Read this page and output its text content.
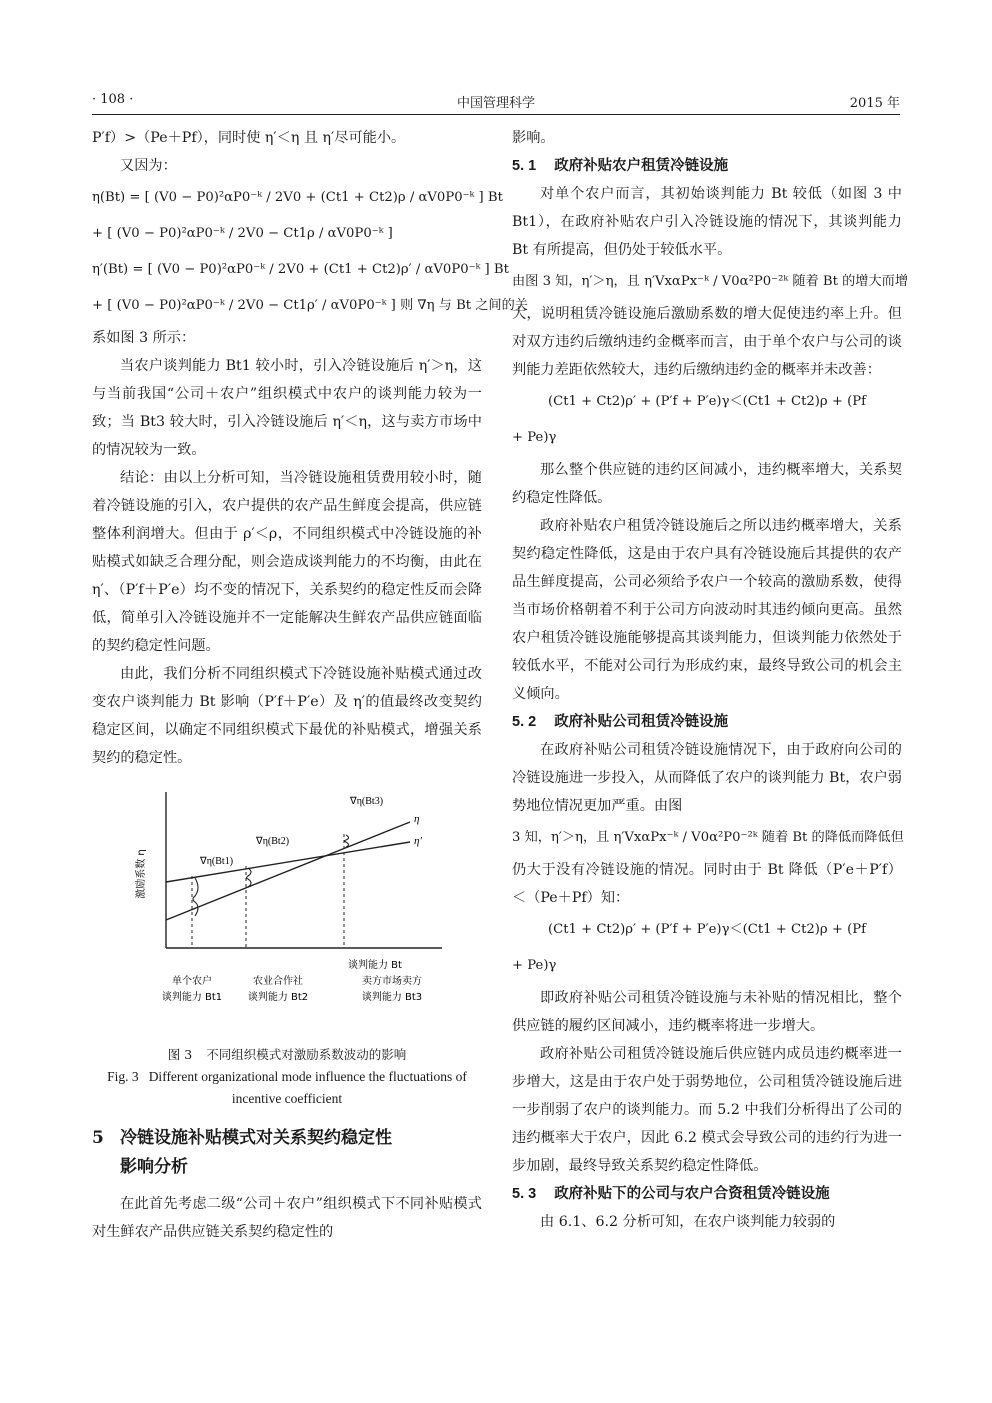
· 108 ·	中国管理科学	2015 年

P′f）>（Pe＋Pf），同时使 η′＜η 且 η′尽可能小。

又因为：

η(Bt) = [ (V0 − P0)²αP0⁻ᵏ / 2V0 + (Ct1 + Ct2)ρ / αV0P0⁻ᵏ ] Bt
+ [ (V0 − P0)²αP0⁻ᵏ / 2V0 − Ct1ρ / αV0P0⁻ᵏ ]
η′(Bt) = [ (V0 − P0)²αP0⁻ᵏ / 2V0 + (Ct1 + Ct2)ρ′ / αV0P0⁻ᵏ ] Bt
+ [ (V0 − P0)²αP0⁻ᵏ / 2V0 − Ct1ρ′ / αV0P0⁻ᵏ ] 则 ∇η 与 Bt 之间的关

系如图 3 所示：

当农户谈判能力 Bt1 较小时，引入冷链设施后 η′＞η，这与当前我国“公司＋农户”组织模式中农户的谈判能力较为一致；当 Bt3 较大时，引入冷链设施后 η′＜η，这与卖方市场中的情况较为一致。

结论：由以上分析可知，当冷链设施租赁费用较小时，随着冷链设施的引入，农户提供的农产品生鲜度会提高，供应链整体利润增大。但由于 ρ′＜ρ，不同组织模式中冷链设施的补贴模式如缺乏合理分配，则会造成谈判能力的不均衡，由此在 η′、（P′f＋P′e）均不变的情况下，关系契约的稳定性反而会降低，简单引入冷链设施并不一定能解决生鲜农产品供应链面临的契约稳定性问题。

由此，我们分析不同组织模式下冷链设施补贴模式通过改变农户谈判能力 Bt 影响（P′f＋P′e）及 η′的值最终改变契约稳定区间，以确定不同组织模式下最优的补贴模式，增强关系契约的稳定性。

激励系数 η
η
η′
∇η(Bt1)
∇η(Bt2)
∇η(Bt3)
谈判能力 Bt
单个农户
谈判能力 Bt1
农业合作社
谈判能力 Bt2
卖方市场卖方
谈判能力 Bt3

图 3 不同组织模式对激励系数波动的影响

Fig. 3 Different organizational mode influence the fluctuations of incentive coefficient

5 冷链设施补贴模式对关系契约稳定性
影响分析

在此首先考虑二级“公司＋农户”组织模式下不同补贴模式对生鲜农产品供应链关系契约稳定性的

影响。

5. 1 政府补贴农户租赁冷链设施

对单个农户而言，其初始谈判能力 Bt 较低（如图 3 中 Bt1），在政府补贴农户引入冷链设施的情况下，其谈判能力 Bt 有所提高，但仍处于较低水平。

由图 3 知，η′＞η，且 η′VxαPx⁻ᵏ / V0α²P0⁻²ᵏ 随着 Bt 的增大而增

大，说明租赁冷链设施后激励系数的增大促使违约率上升。但对双方违约后缴纳违约金概率而言，由于单个农户与公司的谈判能力差距依然较大，违约后缴纳违约金的概率并未改善：

(Ct1 + Ct2)ρ′ + (P′f + P′e)γ＜(Ct1 + Ct2)ρ + (Pf
+ Pe)γ

那么整个供应链的违约区间减小，违约概率增大，关系契约稳定性降低。

政府补贴农户租赁冷链设施后之所以违约概率增大，关系契约稳定性降低，这是由于农户具有冷链设施后其提供的农产品生鲜度提高，公司必须给予农户一个较高的激励系数，使得当市场价格朝着不利于公司方向波动时其违约倾向更高。虽然农户租赁冷链设施能够提高其谈判能力，但谈判能力依然处于较低水平，不能对公司行为形成约束，最终导致公司的机会主义倾向。

5. 2 政府补贴公司租赁冷链设施

在政府补贴公司租赁冷链设施情况下，由于政府向公司的冷链设施进一步投入，从而降低了农户的谈判能力 Bt，农户弱势地位情况更加严重。由图

3 知，η′＞η，且 η′VxαPx⁻ᵏ / V0α²P0⁻²ᵏ 随着 Bt 的降低而降低但

仍大于没有冷链设施的情况。同时由于 Bt 降低（P′e＋P′f）＜（Pe＋Pf）知：

(Ct1 + Ct2)ρ′ + (P′f + P′e)γ＜(Ct1 + Ct2)ρ + (Pf
+ Pe)γ

即政府补贴公司租赁冷链设施与未补贴的情况相比，整个供应链的履约区间减小，违约概率将进一步增大。

政府补贴公司租赁冷链设施后供应链内成员违约概率进一步增大，这是由于农户处于弱势地位，公司租赁冷链设施后进一步削弱了农户的谈判能力。而 5.2 中我们分析得出了公司的违约概率大于农户，因此 6.2 模式会导致公司的违约行为进一步加剧，最终导致关系契约稳定性降低。

5. 3 政府补贴下的公司与农户合资租赁冷链设施

由 6.1、6.2 分析可知，在农户谈判能力较弱的
